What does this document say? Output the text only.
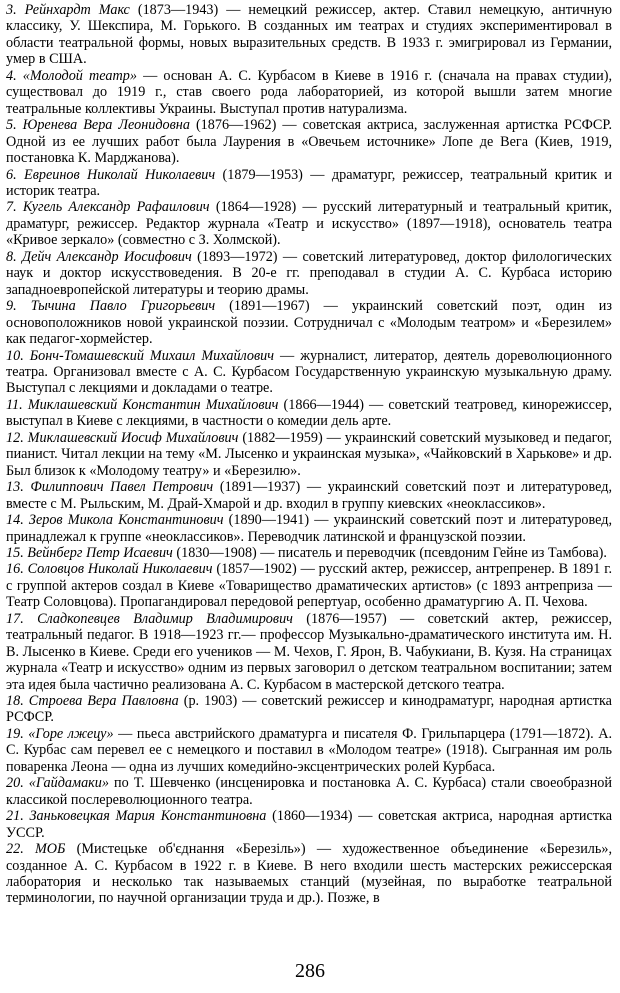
3. Рейнхардт Макс (1873—1943) — немецкий режиссер, актер. Ставил немецкую, античную классику, У. Шекспира, М. Горького. В созданных им театрах и студиях экспериментировал в области театральной формы, новых выразительных средств. В 1933 г. эмигрировал из Германии, умер в США.

4. «Молодой театр» — основан А. С. Курбасом в Киеве в 1916 г. (сначала на правах студии), существовал до 1919 г., став своего рода лабораторией, из которой вышли затем многие театральные коллективы Украины. Выступал против натурализма.

5. Юренева Вера Леонидовна (1876—1962) — советская актриса, заслуженная артистка РСФСР. Одной из ее лучших работ была Лаурения в «Овечьем источнике» Лопе де Вега (Киев, 1919, постановка К. Марджанова).

6. Евреинов Николай Николаевич (1879—1953) — драматург, режиссер, театральный критик и историк театра.

7. Кугель Александр Рафаилович (1864—1928) — русский литературный и театральный критик, драматург, режиссер. Редактор журнала «Театр и искусство» (1897—1918), основатель театра «Кривое зеркало» (совместно с З. Холмской).

8. Дейч Александр Иосифович (1893—1972) — советский литературовед, доктор филологических наук и доктор искусствоведения. В 20-е гг. преподавал в студии А. С. Курбаса историю западноевропейской литературы и теорию драмы.

9. Тычина Павло Григорьевич (1891—1967) — украинский советский поэт, один из основоположников новой украинской поэзии. Сотрудничал с «Молодым театром» и «Березилем» как педагог-хормейстер.

10. Бонч-Томашевский Михаил Михайлович — журналист, литератор, деятель дореволюционного театра. Организовал вместе с А. С. Курбасом Государственную украинскую музыкальную драму. Выступал с лекциями и докладами о театре.

11. Миклашевский Константин Михайлович (1866—1944) — советский театровед, кинорежиссер, выступал в Киеве с лекциями, в частности о комедии дель арте.

12. Миклашевский Иосиф Михайлович (1882—1959) — украинский советский музыковед и педагог, пианист. Читал лекции на тему «М. Лысенко и украинская музыка», «Чайковский в Харькове» и др. Был близок к «Молодому театру» и «Березилю».

13. Филиппович Павел Петрович (1891—1937) — украинский советский поэт и литературовед, вместе с М. Рыльским, М. Драй-Хмарой и др. входил в группу киевских «неоклассиков».

14. Зеров Микола Константинович (1890—1941) — украинский советский поэт и литературовед, принадлежал к группе «неоклассиков». Переводчик латинской и французской поэзии.

15. Вейнберг Петр Исаевич (1830—1908) — писатель и переводчик (псевдоним Гейне из Тамбова).

16. Соловцов Николай Николаевич (1857—1902) — русский актер, режиссер, антрепренер. В 1891 г. с группой актеров создал в Киеве «Товарищество драматических артистов» (с 1893 антреприза — Театр Соловцова). Пропагандировал передовой репертуар, особенно драматургию А. П. Чехова.

17. Сладкопевцев Владимир Владимирович (1876—1957) — советский актер, режиссер, театральный педагог. В 1918—1923 гг.— профессор Музыкально-драматического института им. Н. В. Лысенко в Киеве. Среди его учеников — М. Чехов, Г. Ярон, В. Чабукиани, В. Кузя. На страницах журнала «Театр и искусство» одним из первых заговорил о детском театральном воспитании; затем эта идея была частично реализована А. С. Курбасом в мастерской детского театра.

18. Строева Вера Павловна (р. 1903) — советский режиссер и кинодраматург, народная артистка РСФСР.

19. «Горе лжецу» — пьеса австрийского драматурга и писателя Ф. Грильпарцера (1791—1872). А. С. Курбас сам перевел ее с немецкого и поставил в «Молодом театре» (1918). Сыгранная им роль поваренка Леона — одна из лучших комедийно-эксцентрических ролей Курбаса.

20. «Гайдамаки» по Т. Шевченко (инсценировка и постановка А. С. Курбаса) стали своеобразной классикой послереволюционного театра.

21. Заньковецкая Мария Константиновна (1860—1934) — советская актриса, народная артистка УССР.

22. МОБ (Мистецьке об'єднання «Березіль») — художественное объединение «Березиль», созданное А. С. Курбасом в 1922 г. в Киеве. В него входили шесть мастерских режиссерская лаборатория и несколько так называемых станций (музейная, по выработке театральной терминологии, по научной организации труда и др.). Позже, в

286
